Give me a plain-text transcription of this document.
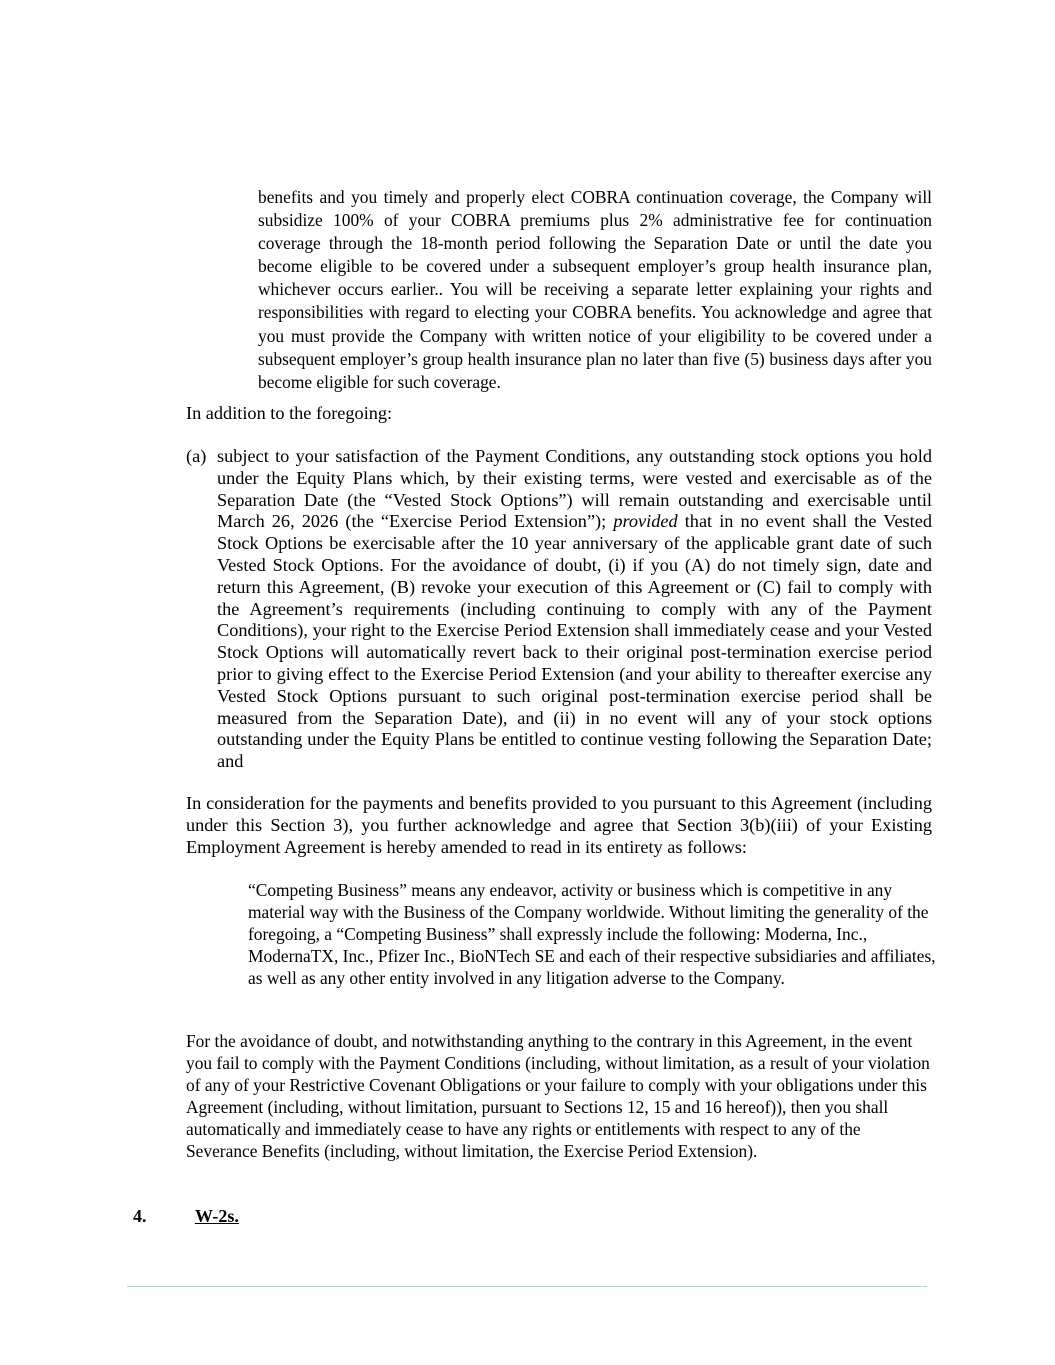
benefits and you timely and properly elect COBRA continuation coverage, the Company will subsidize 100% of your COBRA premiums plus 2% administrative fee for continuation coverage through the 18-month period following the Separation Date or until the date you become eligible to be covered under a subsequent employer’s group health insurance plan, whichever occurs earlier.. You will be receiving a separate letter explaining your rights and responsibilities with regard to electing your COBRA benefits. You acknowledge and agree that you must provide the Company with written notice of your eligibility to be covered under a subsequent employer’s group health insurance plan no later than five (5) business days after you become eligible for such coverage.

In addition to the foregoing:

(a) subject to your satisfaction of the Payment Conditions, any outstanding stock options you hold under the Equity Plans which, by their existing terms, were vested and exercisable as of the Separation Date (the “Vested Stock Options”) will remain outstanding and exercisable until March 26, 2026 (the “Exercise Period Extension”); provided that in no event shall the Vested Stock Options be exercisable after the 10 year anniversary of the applicable grant date of such Vested Stock Options. For the avoidance of doubt, (i) if you (A) do not timely sign, date and return this Agreement, (B) revoke your execution of this Agreement or (C) fail to comply with the Agreement’s requirements (including continuing to comply with any of the Payment Conditions), your right to the Exercise Period Extension shall immediately cease and your Vested Stock Options will automatically revert back to their original post-termination exercise period prior to giving effect to the Exercise Period Extension (and your ability to thereafter exercise any Vested Stock Options pursuant to such original post-termination exercise period shall be measured from the Separation Date), and (ii) in no event will any of your stock options outstanding under the Equity Plans be entitled to continue vesting following the Separation Date; and

In consideration for the payments and benefits provided to you pursuant to this Agreement (including under this Section 3), you further acknowledge and agree that Section 3(b)(iii) of your Existing Employment Agreement is hereby amended to read in its entirety as follows:

“Competing Business” means any endeavor, activity or business which is competitive in any material way with the Business of the Company worldwide. Without limiting the generality of the foregoing, a “Competing Business” shall expressly include the following: Moderna, Inc., ModernaTX, Inc., Pfizer Inc., BioNTech SE and each of their respective subsidiaries and affiliates, as well as any other entity involved in any litigation adverse to the Company.

For the avoidance of doubt, and notwithstanding anything to the contrary in this Agreement, in the event you fail to comply with the Payment Conditions (including, without limitation, as a result of your violation of any of your Restrictive Covenant Obligations or your failure to comply with your obligations under this Agreement (including, without limitation, pursuant to Sections 12, 15 and 16 hereof)), then you shall automatically and immediately cease to have any rights or entitlements with respect to any of the Severance Benefits (including, without limitation, the Exercise Period Extension).

4.	W-2s.
